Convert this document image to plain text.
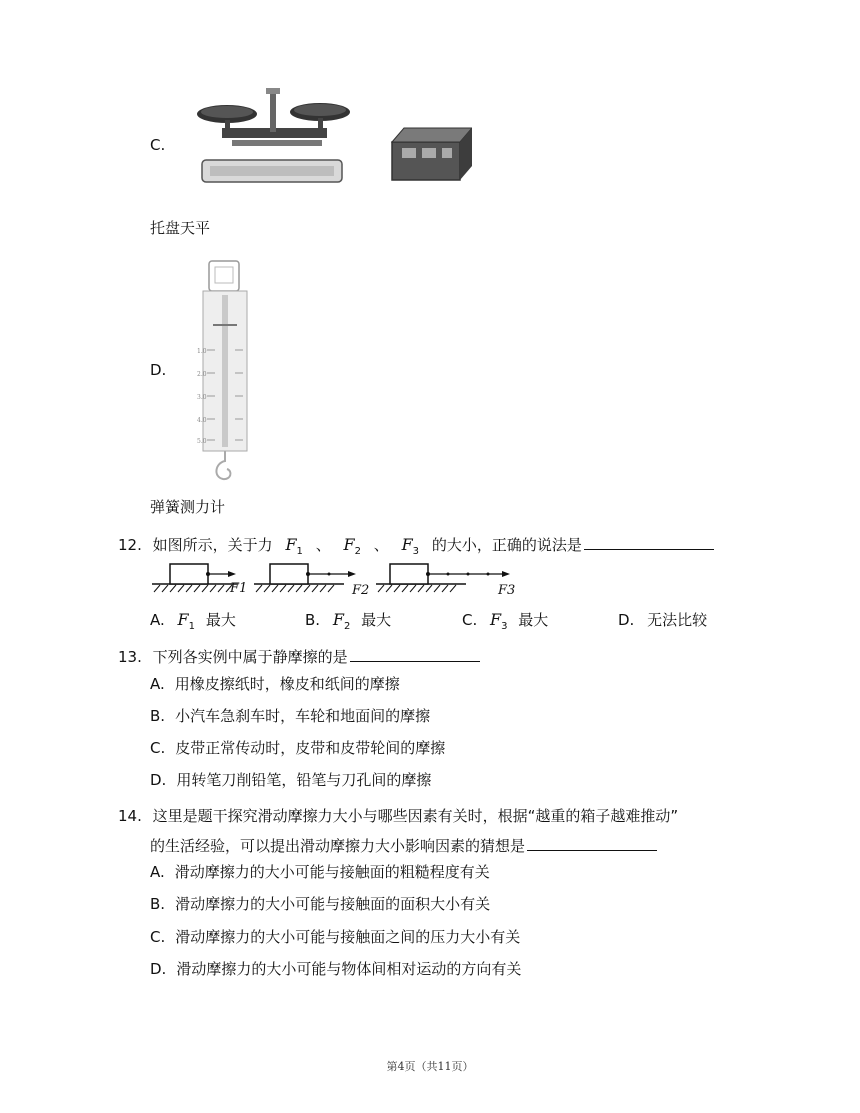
C.
托盘天平
D.
1.0
2.0
3.0
4.0
5.0
弹簧测力计
12. 如图所示，关于力 $F_1$ 、 $F_2$ 、 $F_3$ 的大小，正确的说法是
F1	F2	F3
A. $F_1$ 最大	B. $F_2$ 最大	C. $F_3$ 最大	D. 无法比较
13. 下列各实例中属于静摩擦的是
A. 用橡皮擦纸时，橡皮和纸间的摩擦
B. 小汽车急刹车时，车轮和地面间的摩擦
C. 皮带正常传动时，皮带和皮带轮间的摩擦
D. 用转笔刀削铅笔，铅笔与刀孔间的摩擦
14. 这里是题干探究滑动摩擦力大小与哪些因素有关时，根据“越重的箱子越难推动”
的生活经验，可以提出滑动摩擦力大小影响因素的猜想是
A. 滑动摩擦力的大小可能与接触面的粗糙程度有关
B. 滑动摩擦力的大小可能与接触面的面积大小有关
C. 滑动摩擦力的大小可能与接触面之间的压力大小有关
D. 滑动摩擦力的大小可能与物体间相对运动的方向有关
第4页（共11页）
